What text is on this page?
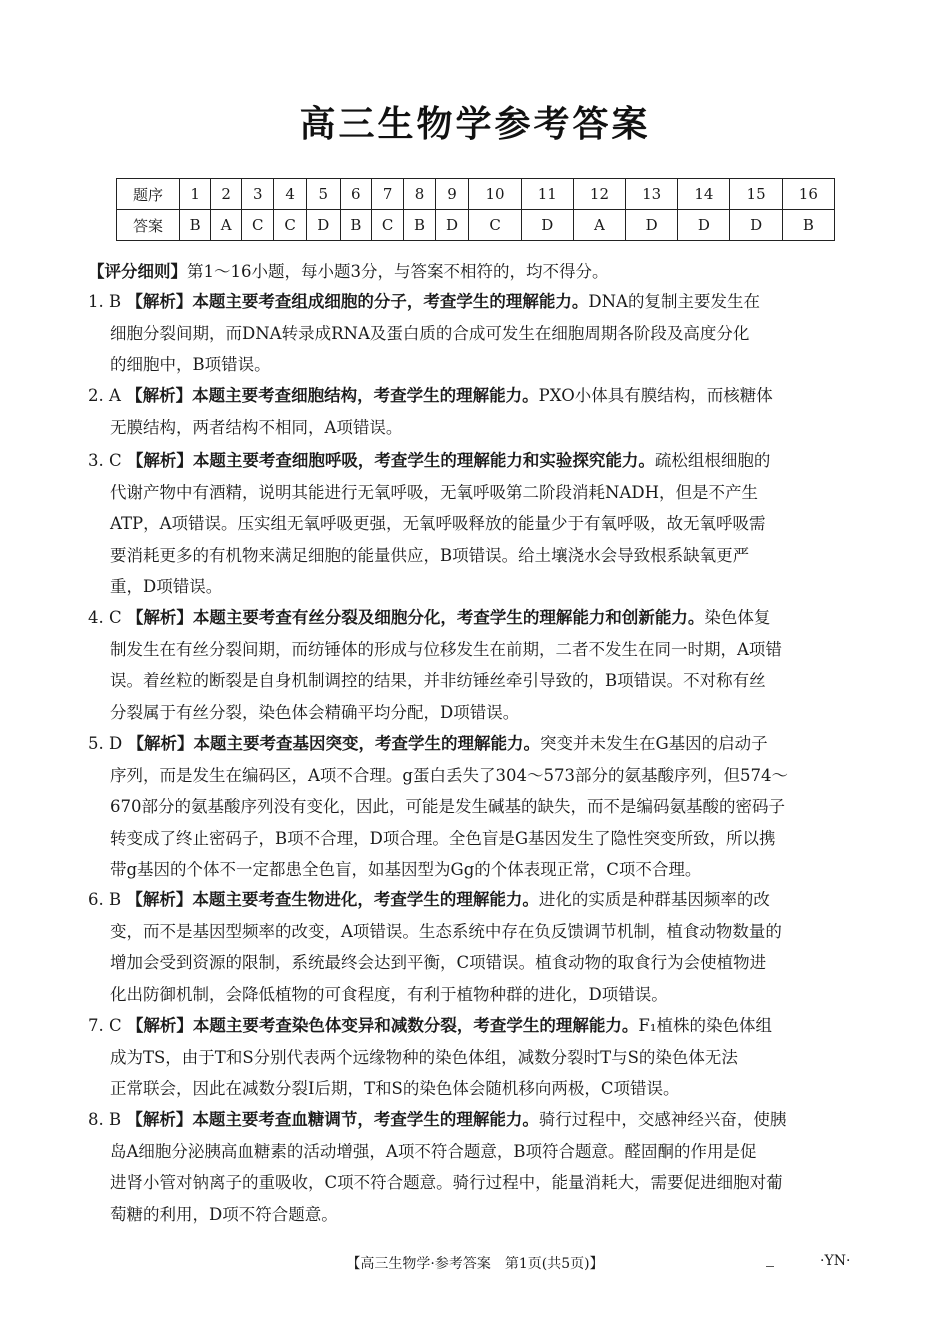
高三生物学参考答案
题序	1	2	3	4	5	6	7	8	9	10	11	12	13	14	15	16
答案	B	A	C	C	D	B	C	B	D	C	D	A	D	D	D	B
【评分细则】第1～16小题，每小题3分，与答案不相符的，均不得分。
1. B 【解析】本题主要考查组成细胞的分子，考查学生的理解能力。DNA的复制主要发生在
细胞分裂间期，而DNA转录成RNA及蛋白质的合成可发生在细胞周期各阶段及高度分化
的细胞中，B项错误。
2. A 【解析】本题主要考查细胞结构，考查学生的理解能力。PXO小体具有膜结构，而核糖体
无膜结构，两者结构不相同，A项错误。
3. C 【解析】本题主要考查细胞呼吸，考查学生的理解能力和实验探究能力。疏松组根细胞的
代谢产物中有酒精，说明其能进行无氧呼吸，无氧呼吸第二阶段消耗NADH，但是不产生
ATP，A项错误。压实组无氧呼吸更强，无氧呼吸释放的能量少于有氧呼吸，故无氧呼吸需
要消耗更多的有机物来满足细胞的能量供应，B项错误。给土壤浇水会导致根系缺氧更严
重，D项错误。
4. C 【解析】本题主要考查有丝分裂及细胞分化，考查学生的理解能力和创新能力。染色体复
制发生在有丝分裂间期，而纺锤体的形成与位移发生在前期，二者不发生在同一时期，A项错
误。着丝粒的断裂是自身机制调控的结果，并非纺锤丝牵引导致的，B项错误。不对称有丝
分裂属于有丝分裂，染色体会精确平均分配，D项错误。
5. D 【解析】本题主要考查基因突变，考查学生的理解能力。突变并未发生在G基因的启动子
序列，而是发生在编码区，A项不合理。g蛋白丢失了304～573部分的氨基酸序列，但574～
670部分的氨基酸序列没有变化，因此，可能是发生碱基的缺失，而不是编码氨基酸的密码子
转变成了终止密码子，B项不合理，D项合理。全色盲是G基因发生了隐性突变所致，所以携
带g基因的个体不一定都患全色盲，如基因型为Gg的个体表现正常，C项不合理。
6. B 【解析】本题主要考查生物进化，考查学生的理解能力。进化的实质是种群基因频率的改
变，而不是基因型频率的改变，A项错误。生态系统中存在负反馈调节机制，植食动物数量的
增加会受到资源的限制，系统最终会达到平衡，C项错误。植食动物的取食行为会使植物进
化出防御机制，会降低植物的可食程度，有利于植物种群的进化，D项错误。
7. C 【解析】本题主要考查染色体变异和减数分裂，考查学生的理解能力。F₁植株的染色体组
成为TS，由于T和S分别代表两个远缘物种的染色体组，减数分裂时T与S的染色体无法
正常联会，因此在减数分裂Ⅰ后期，T和S的染色体会随机移向两极，C项错误。
8. B 【解析】本题主要考查血糖调节，考查学生的理解能力。骑行过程中，交感神经兴奋，使胰
岛A细胞分泌胰高血糖素的活动增强，A项不符合题意，B项符合题意。醛固酮的作用是促
进肾小管对钠离子的重吸收，C项不符合题意。骑行过程中，能量消耗大，需要促进细胞对葡
萄糖的利用，D项不符合题意。
【高三生物学·参考答案　第1页(共5页)】	·YN·
